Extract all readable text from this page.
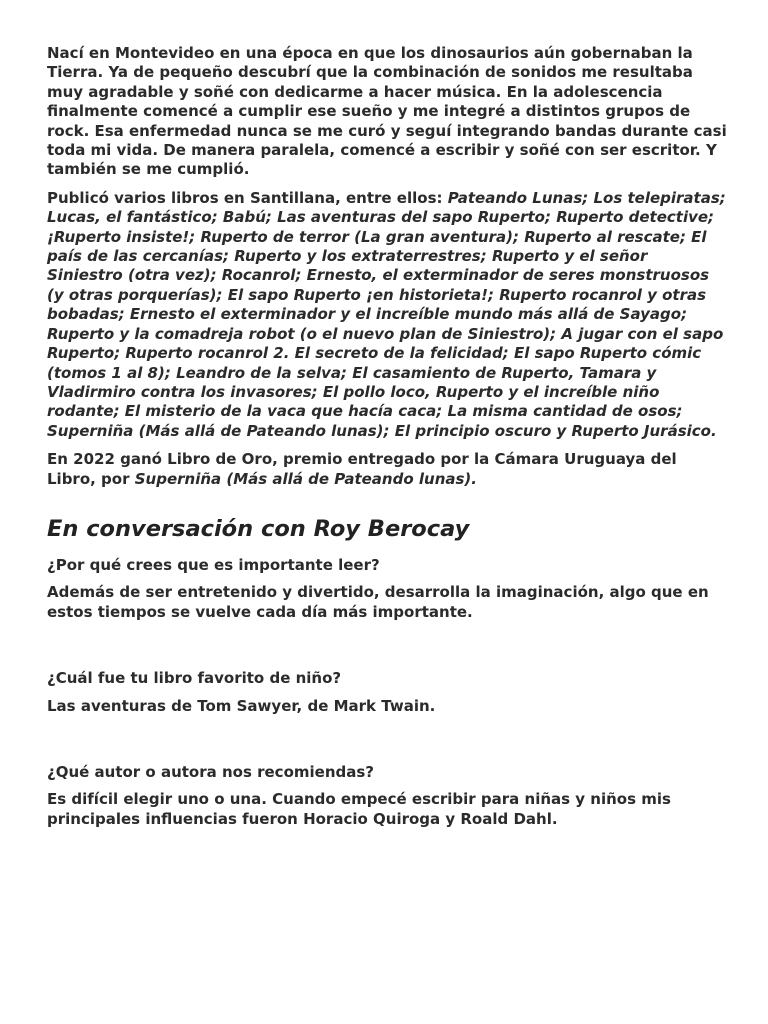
Nací en Montevideo en una época en que los dinosaurios aún gobernaban la Tierra. Ya de pequeño descubrí que la combinación de sonidos me resultaba muy agradable y soñé con dedicarme a hacer música. En la adolescencia finalmente comencé a cumplir ese sueño y me integré a distintos grupos de rock. Esa enfermedad nunca se me curó y seguí integrando bandas durante casi toda mi vida. De manera paralela, comencé a escribir y soñé con ser escritor. Y también se me cumplió.

Publicó varios libros en Santillana, entre ellos: Pateando Lunas; Los telepiratas; Lucas, el fantástico; Babú; Las aventuras del sapo Ruperto; Ruperto detective; ¡Ruperto insiste!; Ruperto de terror (La gran aventura); Ruperto al rescate; El país de las cercanías; Ruperto y los extraterrestres; Ruperto y el señor Siniestro (otra vez); Rocanrol; Ernesto, el exterminador de seres monstruosos (y otras porquerías); El sapo Ruperto ¡en historieta!; Ruperto rocanrol y otras bobadas; Ernesto el exterminador y el increíble mundo más allá de Sayago; Ruperto y la comadreja robot (o el nuevo plan de Siniestro); A jugar con el sapo Ruperto; Ruperto rocanrol 2. El secreto de la felicidad; El sapo Ruperto cómic (tomos 1 al 8); Leandro de la selva; El casamiento de Ruperto, Tamara y Vladirmiro contra los invasores; El pollo loco, Ruperto y el increíble niño rodante; El misterio de la vaca que hacía caca; La misma cantidad de osos; Superniña (Más allá de Pateando lunas); El principio oscuro y Ruperto Jurásico.

En 2022 ganó Libro de Oro, premio entregado por la Cámara Uruguaya del Libro, por Superniña (Más allá de Pateando lunas).

En conversación con Roy Berocay

¿Por qué crees que es importante leer?

Además de ser entretenido y divertido, desarrolla la imaginación, algo que en estos tiempos se vuelve cada día más importante.

¿Cuál fue tu libro favorito de niño?

Las aventuras de Tom Sawyer, de Mark Twain.

¿Qué autor o autora nos recomiendas?

Es difícil elegir uno o una. Cuando empecé escribir para niñas y niños mis principales influencias fueron Horacio Quiroga y Roald Dahl.
